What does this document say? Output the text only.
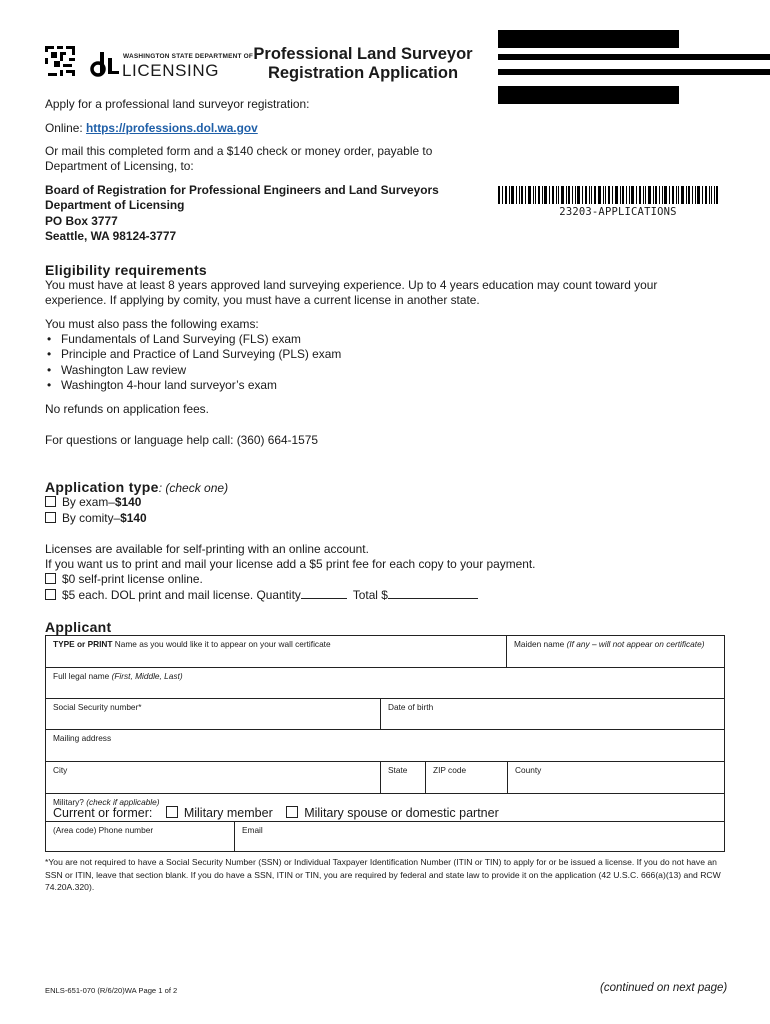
WASHINGTON STATE DEPARTMENT OF
LICENSING
Professional Land Surveyor
Registration Application
23203-APPLICATIONS
Apply for a professional land surveyor registration:
Online: https://professions.dol.wa.gov
Or mail this completed form and a $140 check or money order, payable to
Department of Licensing, to:
Board of Registration for Professional Engineers and Land Surveyors
Department of Licensing
PO Box 3777
Seattle, WA 98124-3777
Eligibility requirements
You must have at least 8 years approved land surveying experience. Up to 4 years education may count toward your
experience. If applying by comity, you must have a current license in another state.
You must also pass the following exams:
• Fundamentals of Land Surveying (FLS) exam
• Principle and Practice of Land Surveying (PLS) exam
• Washington Law review
• Washington 4-hour land surveyor’s exam
No refunds on application fees.
For questions or language help call: (360) 664-1575
Application type: (check one)
By exam–$140
By comity–$140
Licenses are available for self-printing with an online account.
If you want us to print and mail your license add a $5 print fee for each copy to your payment.
$0 self-print license online.
$5 each. DOL print and mail license. Quantity	Total $
Applicant
TYPE or PRINT Name as you would like it to appear on your wall certificate	Maiden name (If any – will not appear on certificate)
Full legal name (First, Middle, Last)
Social Security number*	Date of birth
Mailing address
City	State	ZIP code	County
Military? (check if applicable)
Current or former:	Military member	Military spouse or domestic partner
(Area code) Phone number	Email
*You are not required to have a Social Security Number (SSN) or Individual Taxpayer Identification Number (ITIN or TIN) to apply for or be issued a license. If you do not have an SSN or ITIN, leave that section blank. If you do have a SSN, ITIN or TIN, you are required by federal and state law to provide it on the application (42 U.S.C. 666(a)(13) and RCW 74.20A.320).
ENLS-651-070 (R/6/20)WA Page 1 of 2	(continued on next page)
